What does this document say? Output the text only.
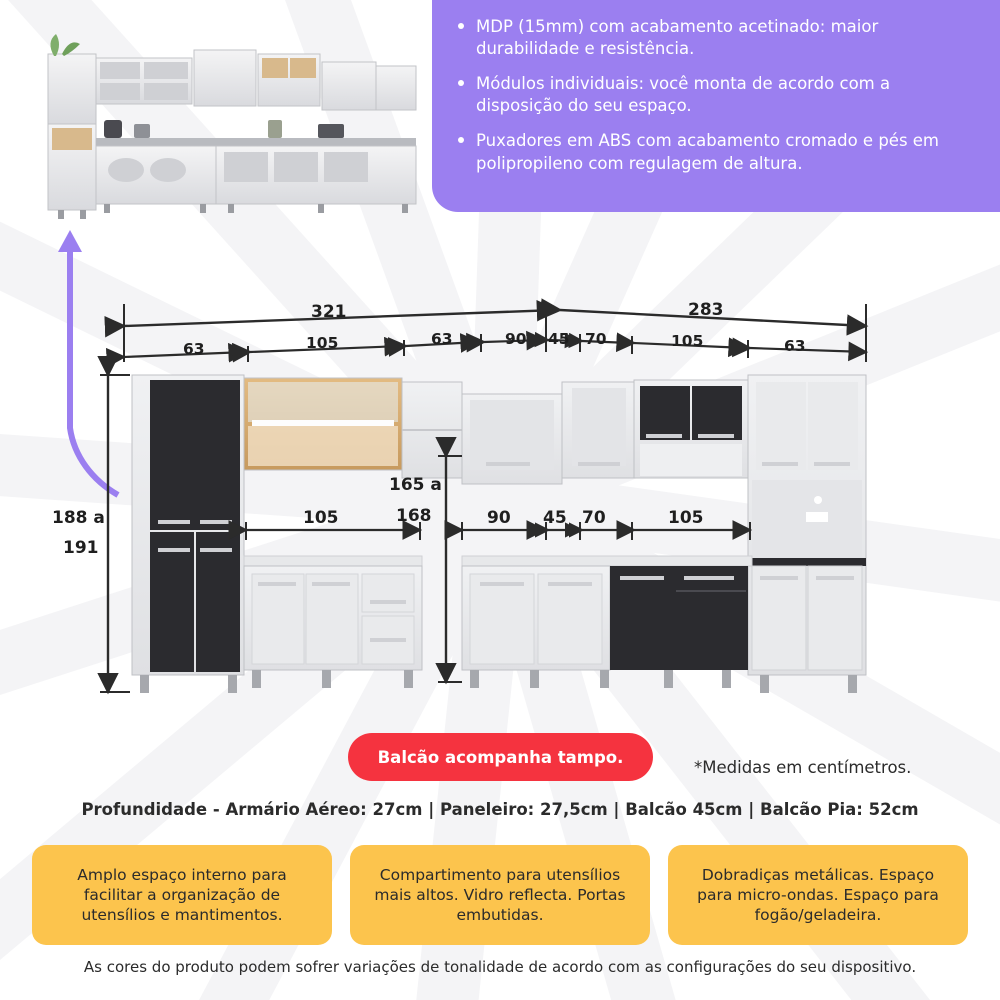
MDP (15mm) com acabamento acetinado: maior durabilidade e resistência.
Módulos individuais: você monta de acordo com a disposição do seu espaço.
Puxadores em ABS com acabamento cromado e pés em polipropileno com regulagem de altura.
321	283
63	105	63	90 45 70	105	63
188 a
191
165 a
168
105	90 45 70	105
Balcão acompanha tampo.
*Medidas em centímetros.
Profundidade - Armário Aéreo: 27cm | Paneleiro: 27,5cm | Balcão 45cm | Balcão Pia: 52cm
Amplo espaço interno para facilitar a organização de utensílios e mantimentos.
Compartimento para utensílios mais altos. Vidro reflecta. Portas embutidas.
Dobradiças metálicas. Espaço para micro-ondas. Espaço para fogão/geladeira.
As cores do produto podem sofrer variações de tonalidade de acordo com as configurações do seu dispositivo.
